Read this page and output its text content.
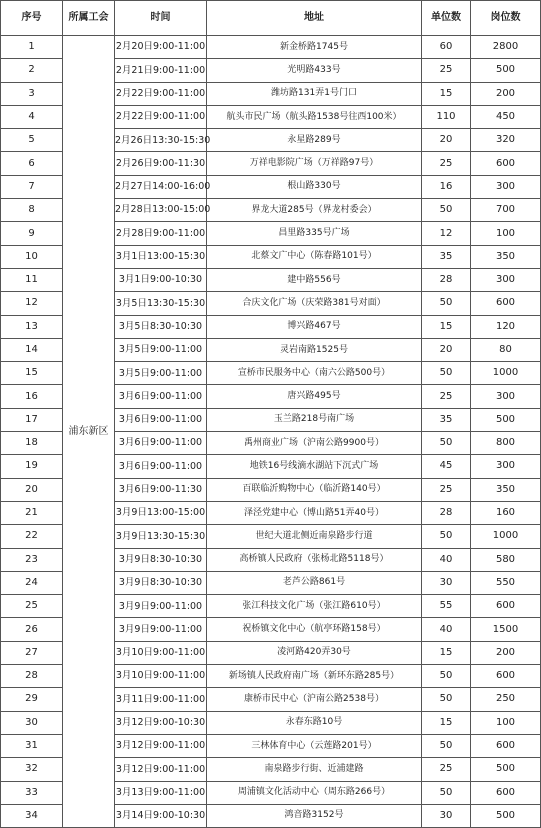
序号	所属工会	时间	地址	单位数	岗位数
1	浦东新区	2月20日9:00-11:00	新金桥路1745号	60	2800
2		2月21日9:00-11:00	光明路433号	25	500
3		2月22日9:00-11:00	潍坊路131弄1号门口	15	200
4		2月22日9:00-11:00	航头市民广场（航头路1538号往西100米）	110	450
5		2月26日13:30-15:30	永星路289号	20	320
6		2月26日9:00-11:30	万祥电影院广场（万祥路97号）	25	600
7		2月27日14:00-16:00	根山路330号	16	300
8		2月28日13:00-15:00	界龙大道285号（界龙村委会）	50	700
9		2月28日9:00-11:00	昌里路335号广场	12	100
10		3月1日13:00-15:30	北蔡文广中心（陈春路101号）	35	350
11		3月1日9:00-10:30	建中路556号	28	300
12		3月5日13:30-15:30	合庆文化广场（庆荣路381号对面）	50	600
13		3月5日8:30-10:30	博兴路467号	15	120
14		3月5日9:00-11:00	灵岩南路1525号	20	80
15		3月5日9:00-11:00	宣桥市民服务中心（南六公路500号）	50	1000
16		3月6日9:00-11:00	唐兴路495号	25	300
17		3月6日9:00-11:00	玉兰路218号南广场	35	500
18		3月6日9:00-11:00	禹州商业广场（沪南公路9900号）	50	800
19		3月6日9:00-11:00	地铁16号线滴水湖站下沉式广场	45	300
20		3月6日9:00-11:30	百联临沂购物中心（临沂路140号）	25	350
21		3月9日13:00-15:00	泽泾党建中心（博山路51弄40号）	28	160
22		3月9日13:30-15:30	世纪大道北侧近南泉路步行道	50	1000
23		3月9日8:30-10:30	高桥镇人民政府（张杨北路5118号）	40	580
24		3月9日8:30-10:30	老芦公路861号	30	550
25		3月9日9:00-11:00	张江科技文化广场（张江路610号）	55	600
26		3月9日9:00-11:00	祝桥镇文化中心（航亭环路158号）	40	1500
27		3月10日9:00-11:00	凌河路420弄30号	15	200
28		3月10日9:00-11:00	新场镇人民政府南广场（新环东路285号）	50	600
29		3月11日9:00-11:00	康桥市民中心（沪南公路2538号）	50	250
30		3月12日9:00-10:30	永春东路10号	15	100
31		3月12日9:00-11:00	三林体育中心（云莲路201号）	50	600
32		3月12日9:00-11:00	南泉路步行街、近浦建路	25	500
33		3月13日9:00-11:00	周浦镇文化活动中心（周东路266号）	50	600
34		3月14日9:00-10:30	鸿音路3152号	30	500
